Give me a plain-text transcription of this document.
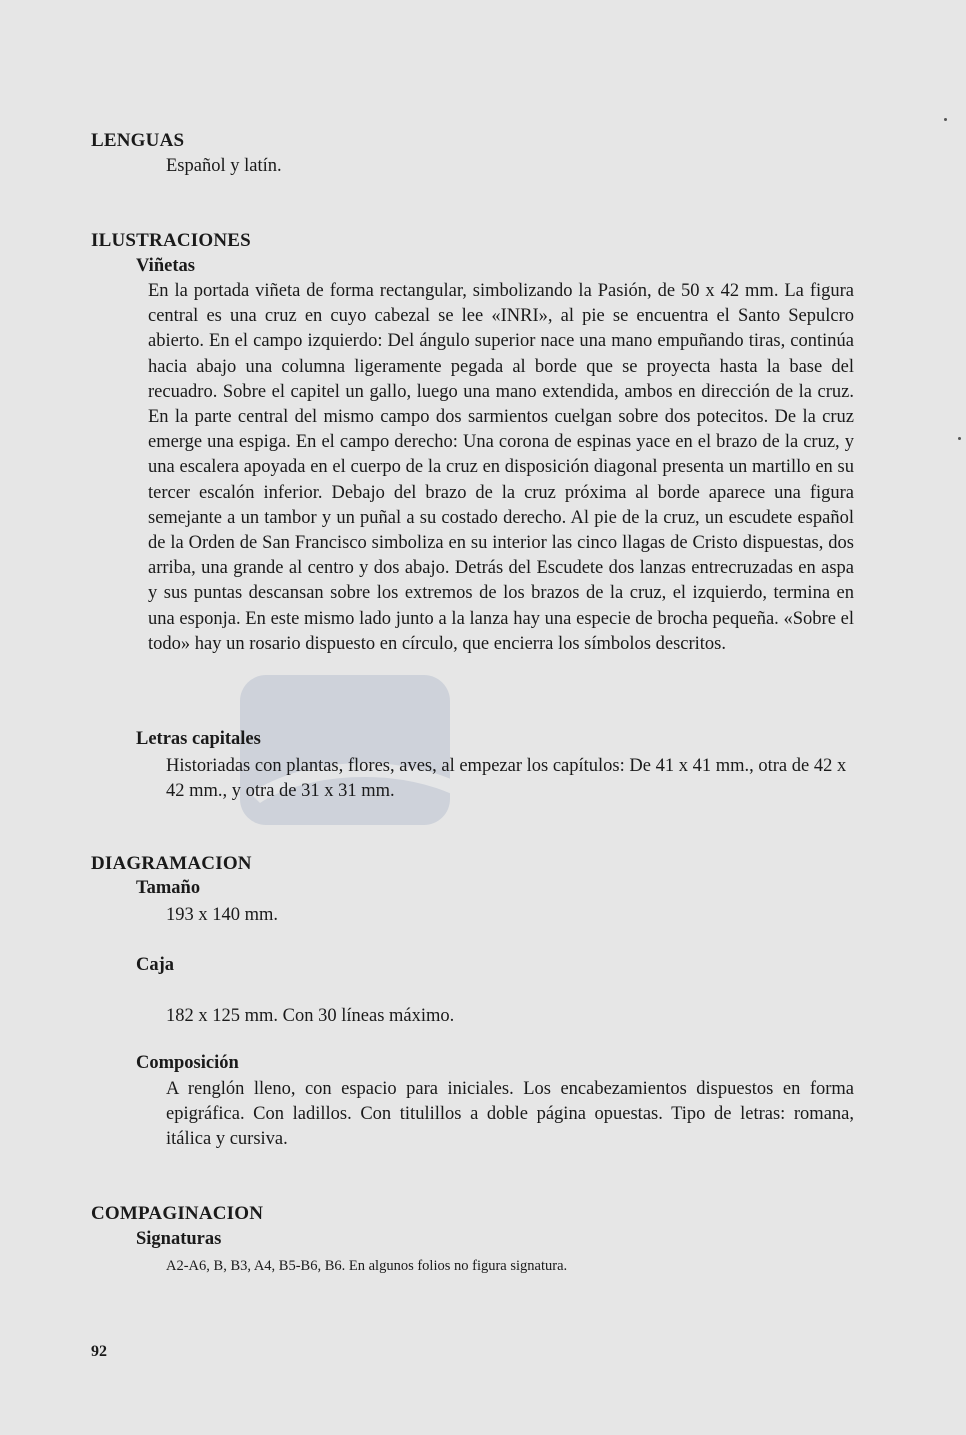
LENGUAS
Español y latín.
ILUSTRACIONES
Viñetas
En la portada viñeta de forma rectangular, simbolizando la Pasión, de 50 x 42 mm. La figura central es una cruz en cuyo cabezal se lee «INRI», al pie se encuentra el Santo Sepulcro abierto. En el campo izquierdo: Del ángulo superior nace una mano empuñando tiras, continúa hacia abajo una columna ligeramente pegada al borde que se proyecta hasta la base del recuadro. Sobre el capitel un gallo, luego una mano extendida, ambos en dirección de la cruz. En la parte central del mismo campo dos sarmientos cuelgan sobre dos potecitos. De la cruz emerge una espiga. En el campo derecho: Una corona de espinas yace en el brazo de la cruz, y una escalera apoyada en el cuerpo de la cruz en disposición diagonal presenta un martillo en su tercer escalón inferior. Debajo del brazo de la cruz próxima al borde aparece una figura semejante a un tambor y un puñal a su costado derecho. Al pie de la cruz, un escudete español de la Orden de San Francisco simboliza en su interior las cinco llagas de Cristo dispuestas, dos arriba, una grande al centro y dos abajo. Detrás del Escudete dos lanzas entrecruzadas en aspa y sus puntas descansan sobre los extremos de los brazos de la cruz, el izquierdo, termina en una esponja. En este mismo lado junto a la lanza hay una especie de brocha pequeña. «Sobre el todo» hay un rosario dispuesto en círculo, que encierra los símbolos descritos.
Letras capitales
Historiadas con plantas, flores, aves, al empezar los capítulos: De 41 x 41 mm., otra de 42 x 42 mm., y otra de 31 x 31 mm.
DIAGRAMACION
Tamaño
193 x 140 mm.
Caja
182 x 125 mm. Con 30 líneas máximo.
Composición
A renglón lleno, con espacio para iniciales. Los encabezamientos dispuestos en forma epigráfica. Con ladillos. Con titulillos a doble página opuestas. Tipo de letras: romana, itálica y cursiva.
COMPAGINACION
Signaturas
A2-A6, B, B3, A4, B5-B6, B6. En algunos folios no figura signatura.
92
